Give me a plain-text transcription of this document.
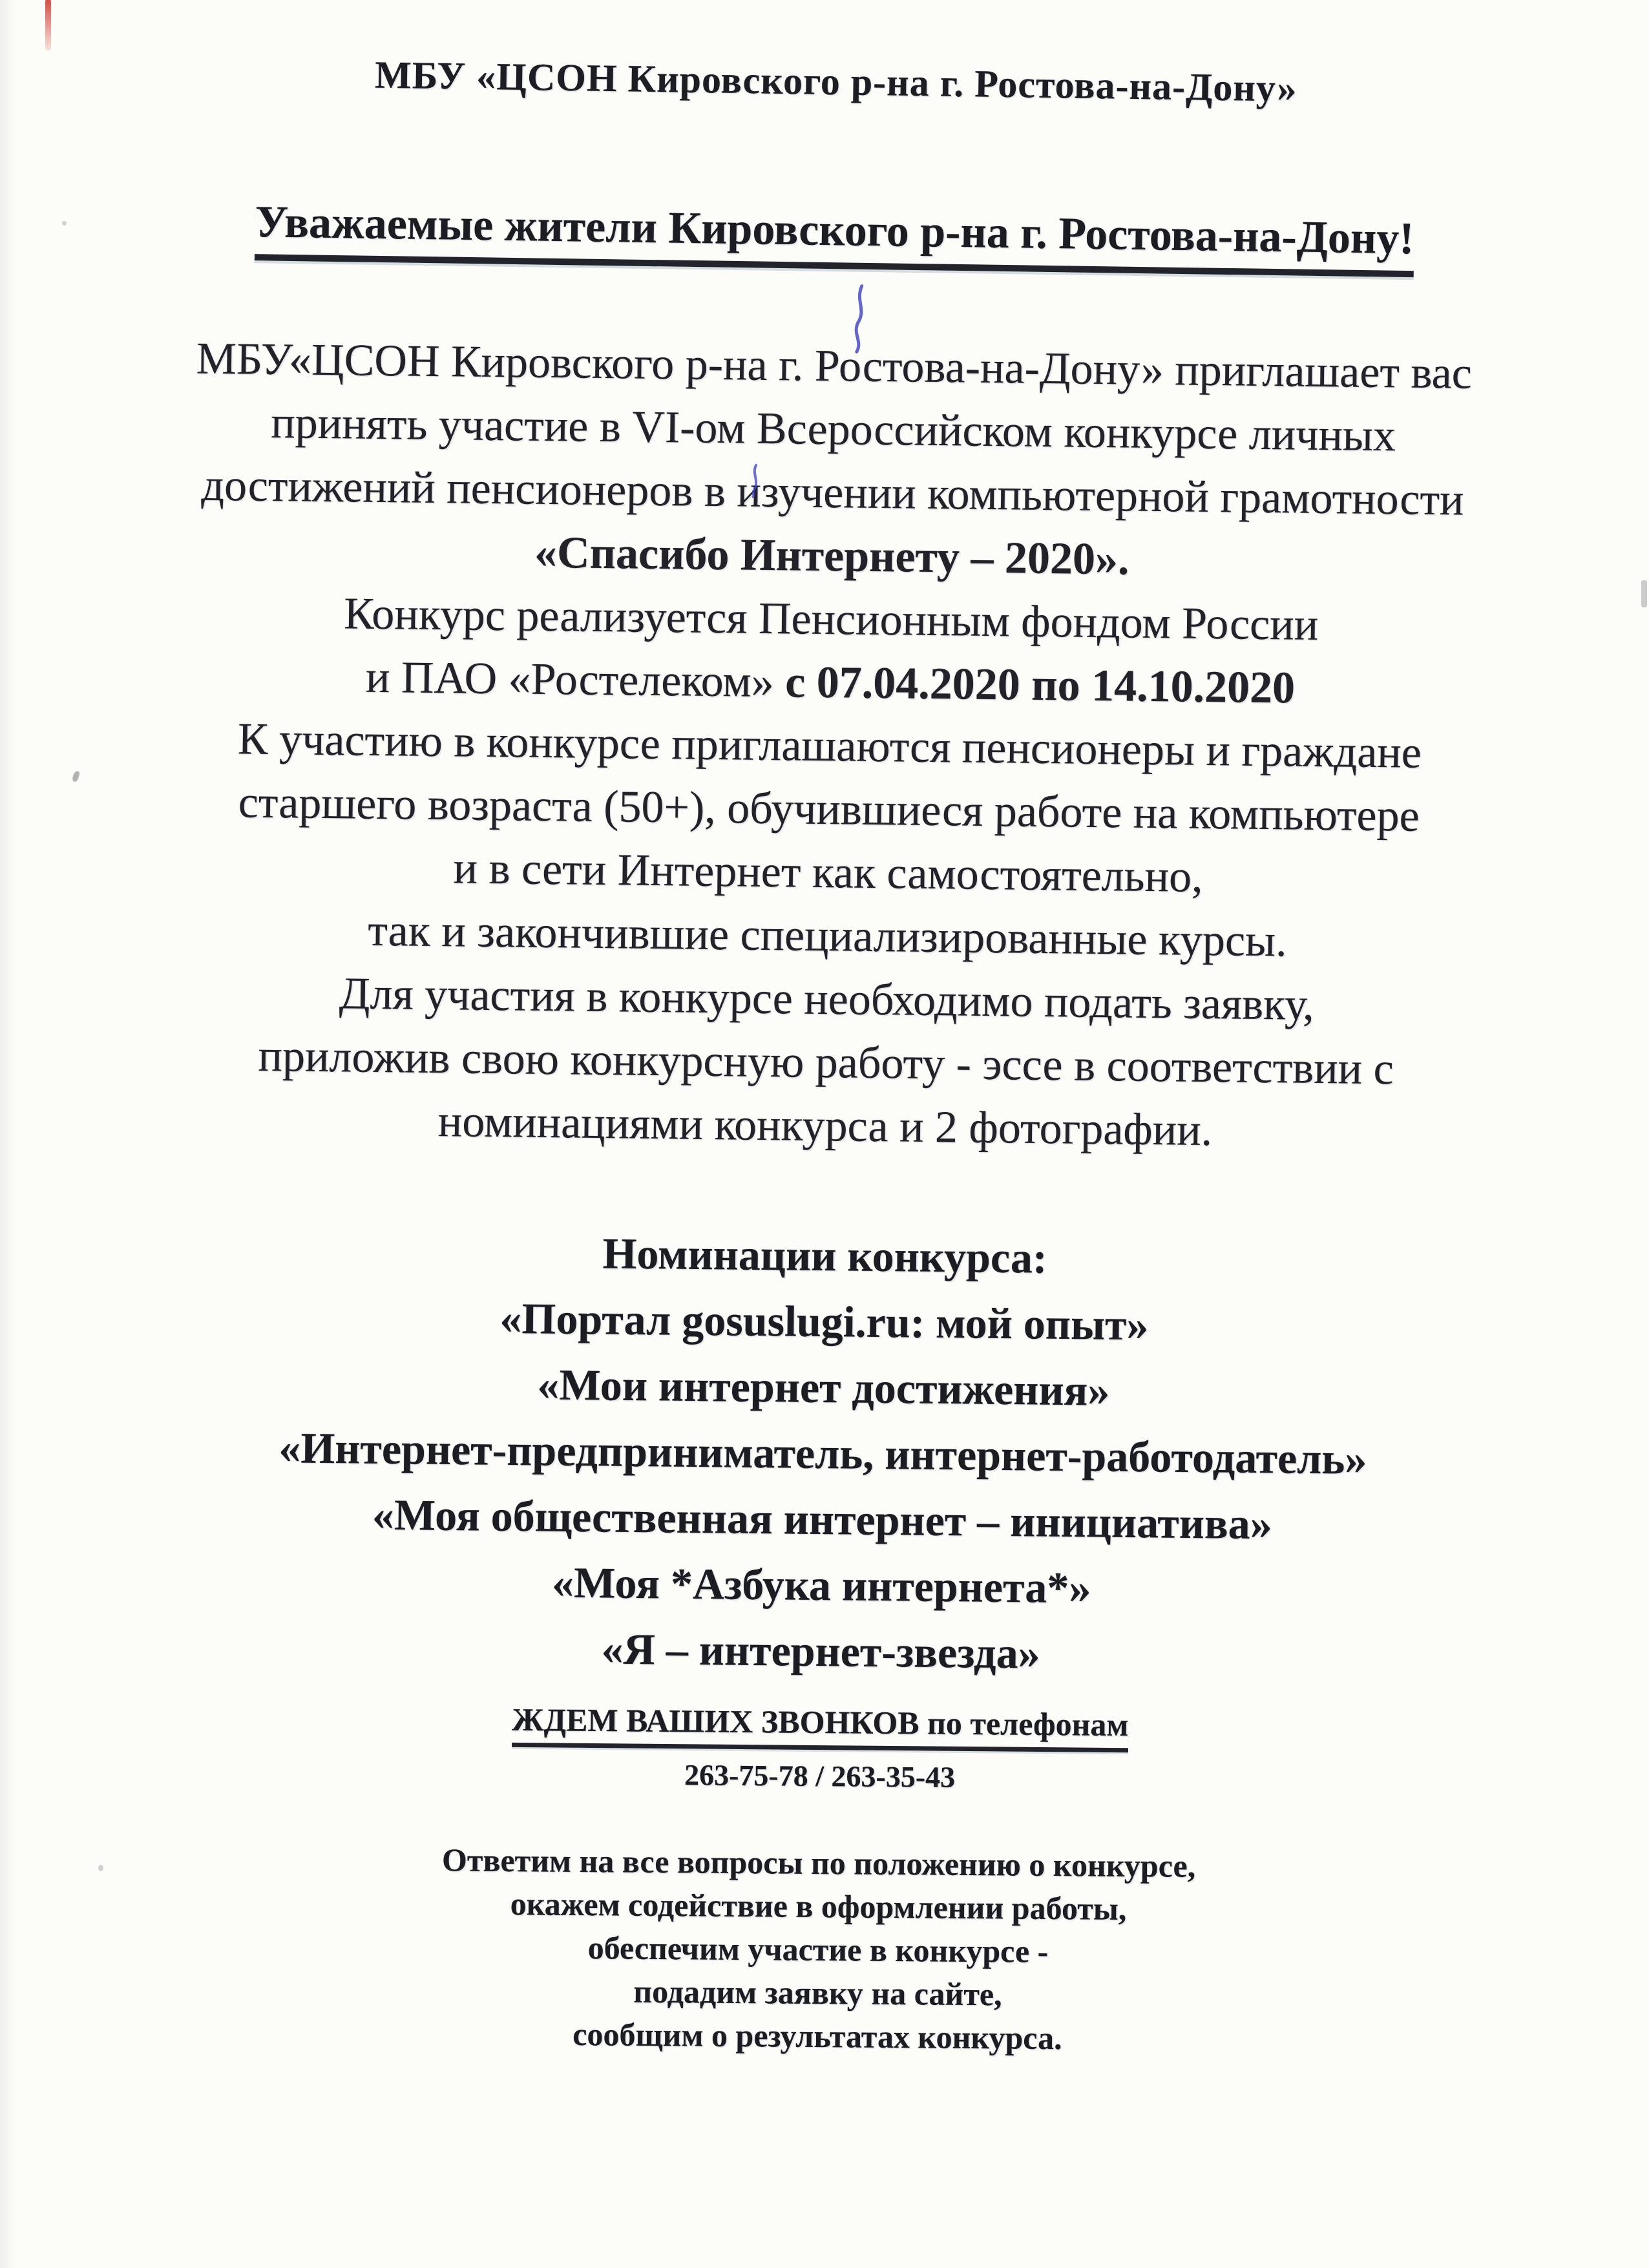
МБУ «ЦСОН Кировского р-на г. Ростова-на-Дону»
Уважаемые жители Кировского р-на г. Ростова-на-Дону!
МБУ«ЦСОН Кировского р-на г. Ростова-на-Дону» приглашает вас
принять участие в VI-ом Всероссийском конкурсе личных
достижений пенсионеров в изучении компьютерной грамотности
«Спасибо Интернету – 2020».
Конкурс реализуется Пенсионным фондом России
и ПАО «Ростелеком» с 07.04.2020 по 14.10.2020
К участию в конкурсе приглашаются пенсионеры и граждане
старшего возраста (50+), обучившиеся работе на компьютере
и в сети Интернет как самостоятельно,
так и закончившие специализированные курсы.
Для участия в конкурсе необходимо подать заявку,
приложив свою конкурсную работу - эссе в соответствии с
номинациями конкурса и 2 фотографии.
Номинации конкурса:
«Портал gosuslugi.ru: мой опыт»
«Мои интернет достижения»
«Интернет-предприниматель, интернет-работодатель»
«Моя общественная интернет – инициатива»
«Моя *Азбука интернета*»
«Я – интернет-звезда»
ЖДЕМ ВАШИХ ЗВОНКОВ по телефонам
263-75-78 / 263-35-43
Ответим на все вопросы по положению о конкурсе,
окажем содействие в оформлении работы,
обеспечим участие в конкурсе -
подадим заявку на сайте,
сообщим о результатах конкурса.
